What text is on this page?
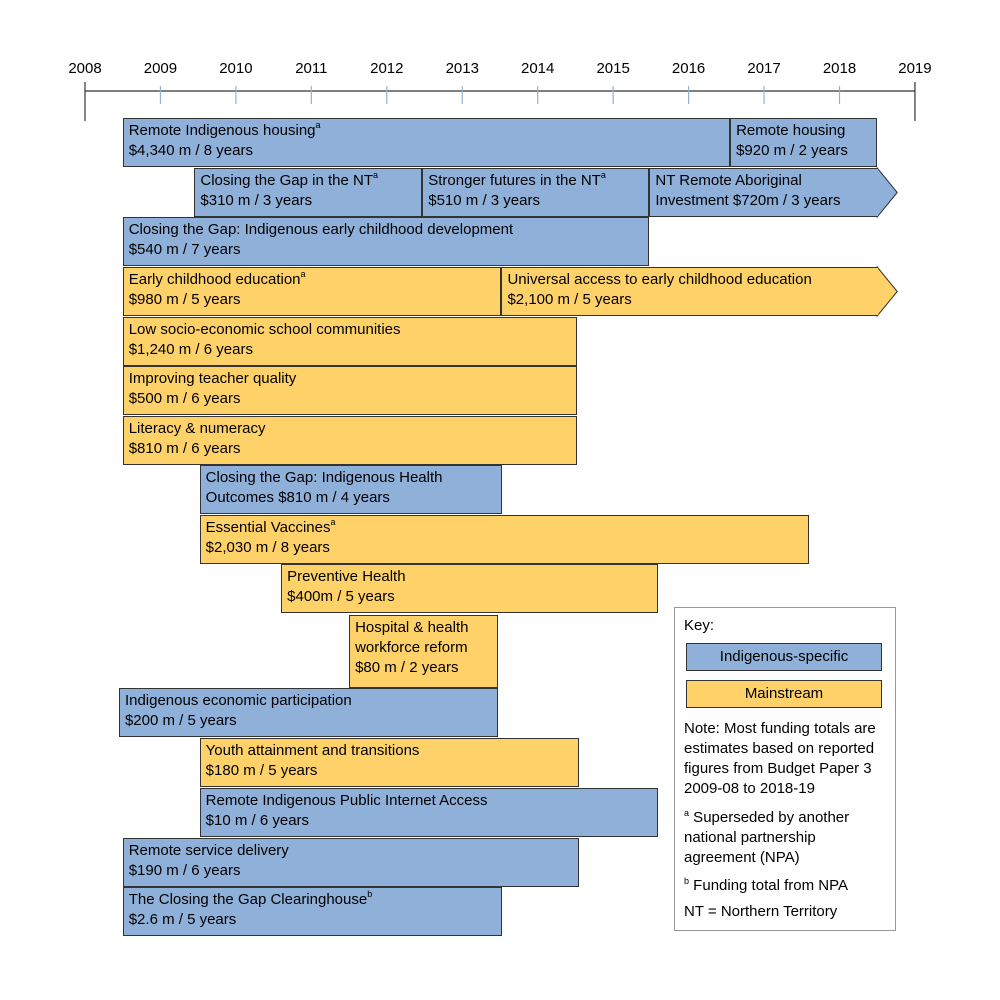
2008	2009	2010	2011	2012	2013	2014	2015	2016	2017	2018	2019
Remote Indigenous housing$^a$
$4,340 m / 8 years
Remote housing
$920 m / 2 years
Closing the Gap in the $NT^a$
$310 m / 3 years
Stronger futures in the $NT^a$
$510 m / 3 years
NT Remote Aboriginal
Investment $720m / 3 years
Closing the Gap: Indigenous early childhood development
$540 m / 7 years
Early childhood education$^a$
$980 m / 5 years
Universal access to early childhood education
$2,100 m / 5 years
Low socio-economic school communities
$1,240 m / 6 years
Improving teacher quality
$500 m / 6 years
Literacy & numeracy
$810 m / 6 years
Closing the Gap: Indigenous Health
Outcomes $810 m / 4 years
Essential Vaccines$^a$
$2,030 m / 8 years
Preventive Health
$400m / 5 years
Hospital & health
workforce reform
$80 m / 2 years
Indigenous economic participation
$200 m / 5 years
Youth attainment and transitions
$180 m / 5 years
Remote Indigenous Public Internet Access
$10 m / 6 years
Remote service delivery
$190 m / 6 years
The Closing the Gap Clearinghouse$^b$
$2.6 m / 5 years
Key:
Indigenous-specific
Mainstream
Note: Most funding totals are
estimates based on reported
figures from Budget Paper 3
2009-08 to 2018-19
$^a$ Superseded by another
national partnership
agreement (NPA)
$^b$ Funding total from NPA
NT = Northern Territory
